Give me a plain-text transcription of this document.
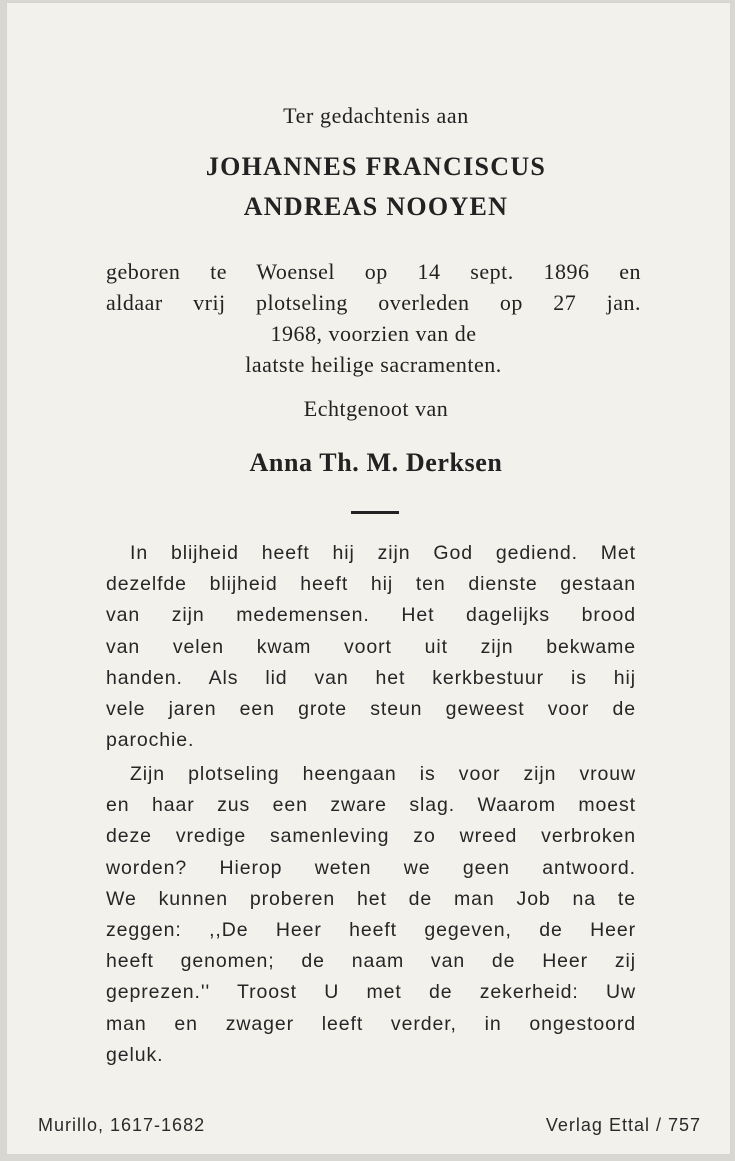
Ter gedachtenis aan
JOHANNES FRANCISCUS
ANDREAS NOOYEN
geboren te Woensel op 14 sept. 1896 en
aldaar vrij plotseling overleden op 27 jan.
1968, voorzien van de
laatste heilige sacramenten.
Echtgenoot van
Anna Th. M. Derksen
In blijheid heeft hij zijn God gediend. Met
dezelfde blijheid heeft hij ten dienste gestaan
van zijn medemensen. Het dagelijks brood
van velen kwam voort uit zijn bekwame
handen. Als lid van het kerkbestuur is hij
vele jaren een grote steun geweest voor de
parochie.
Zijn plotseling heengaan is voor zijn vrouw
en haar zus een zware slag. Waarom moest
deze vredige samenleving zo wreed verbroken
worden? Hierop weten we geen antwoord.
We kunnen proberen het de man Job na te
zeggen: ,,De Heer heeft gegeven, de Heer
heeft genomen; de naam van de Heer zij
geprezen.'' Troost U met de zekerheid: Uw
man en zwager leeft verder, in ongestoord
geluk.
Murillo, 1617-1682	Verlag Ettal / 757
